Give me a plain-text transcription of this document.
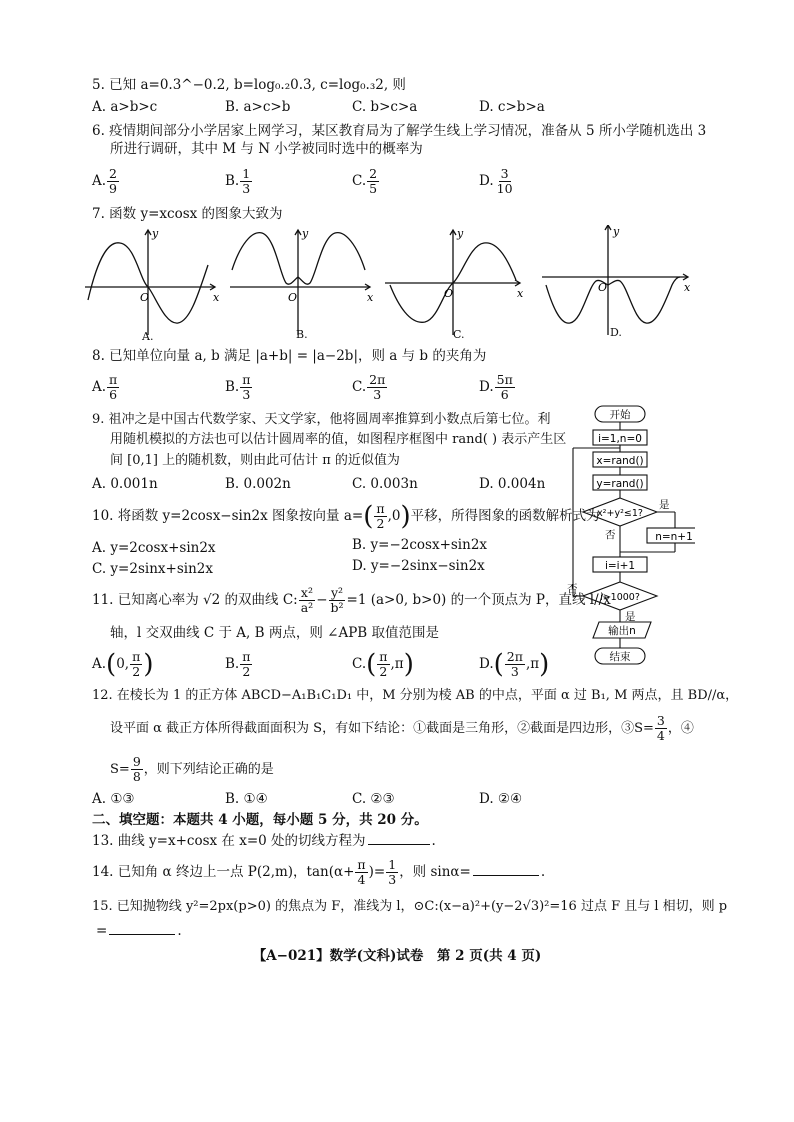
5. 已知 a=0.3^−0.2, b=log₀.₂0.3, c=log₀.₃2, 则
A. a>b>c	B. a>c>b	C. b>c>a	D. c>b>a
6. 疫情期间部分小学居家上网学习，某区教育局为了解学生线上学习情况，准备从 5 所小学随机选出 3
所进行调研，其中 M 与 N 小学被同时选中的概率为
A. $\frac{2}{9}$	B. $\frac{1}{3}$	C. $\frac{2}{5}$	D. $\frac{3}{10}$
7. 函数 y=xcosx 的图象大致为
y
x
O
y
x
O
y
x
O
y
x
O
A.	B.	C.	D.
8. 已知单位向量 a, b 满足 |a+b| = |a−2b|，则 a 与 b 的夹角为
A. $\frac{\pi}{6}$	B. $\frac{\pi}{3}$	C. $\frac{2\pi}{3}$	D. $\frac{5\pi}{6}$
9. 祖冲之是中国古代数学家、天文学家，他将圆周率推算到小数点后第七位。利
用随机模拟的方法也可以估计圆周率的值，如图程序框图中 rand( ) 表示产生区
间 [0,1] 上的随机数，则由此可估计 π 的近似值为
A. 0.001n	B. 0.002n	C. 0.003n	D. 0.004n
开始
i=1,n=0
x=rand()
y=rand()
x²+y²≤1?
是
否	n=n+1
i=i+1
i>1000?
否
是
输出n
结束
10. 将函数 y=2cosx−sin2x 图象按向量 $a=( \frac{\pi}{2} ,0)$平移，所得图象的函数解析式为
A. y=2cosx+sin2x	B. y=−2cosx+sin2x
C. y=2sinx+sin2x	D. y=−2sinx−sin2x
11. 已知离心率为 √2 的双曲线 C: $\frac{\text{x²}}{\text{a²}} - \frac{\text{y²}}{\text{b²}} =1$ (a>0, b>0) 的一个顶点为 P，直线 l//x
轴，l 交双曲线 C 于 A, B 两点，则 ∠APB 取值范围是
A.(0, $\frac{\pi}{2}$ )	B. $\frac{\pi}{2}$	$C.( \frac{\pi}{2} ,\pi)$	$D.( \frac{2\pi}{3} ,\pi)$
12. 在棱长为 1 的正方体 ABCD−A₁B₁C₁D₁ 中，M 分别为棱 AB 的中点，平面 α 过 B₁, M 两点，且 BD//α，
设平面 α 截正方体所得截面面积为 S，有如下结论：①截面是三角形，②截面是四边形，③S= $\frac{3}{4}$ ，④
$S= \frac{9}{8}$ ，则下列结论正确的是
A. ①③	B. ①④	C. ②③	D. ②④
二、填空题：本题共 4 小题，每小题 5 分，共 20 分。
13. 曲线 y=x+cosx 在 x=0 处的切线方程为	.
14. 已知角 α 终边上一点 P(2,m)，$\tan(\alpha+ \frac{\pi}{4}$ )= $\frac{1}{3}$ ，则 sinα=	.
15. 已知抛物线 y²=2px(p>0) 的焦点为 F，准线为 l，⊙C:(x−a)²+(y−2√3)²=16 过点 F 且与 l 相切，则 p
=	.
【A−021】数学(文科)试卷　第 2 页(共 4 页)
